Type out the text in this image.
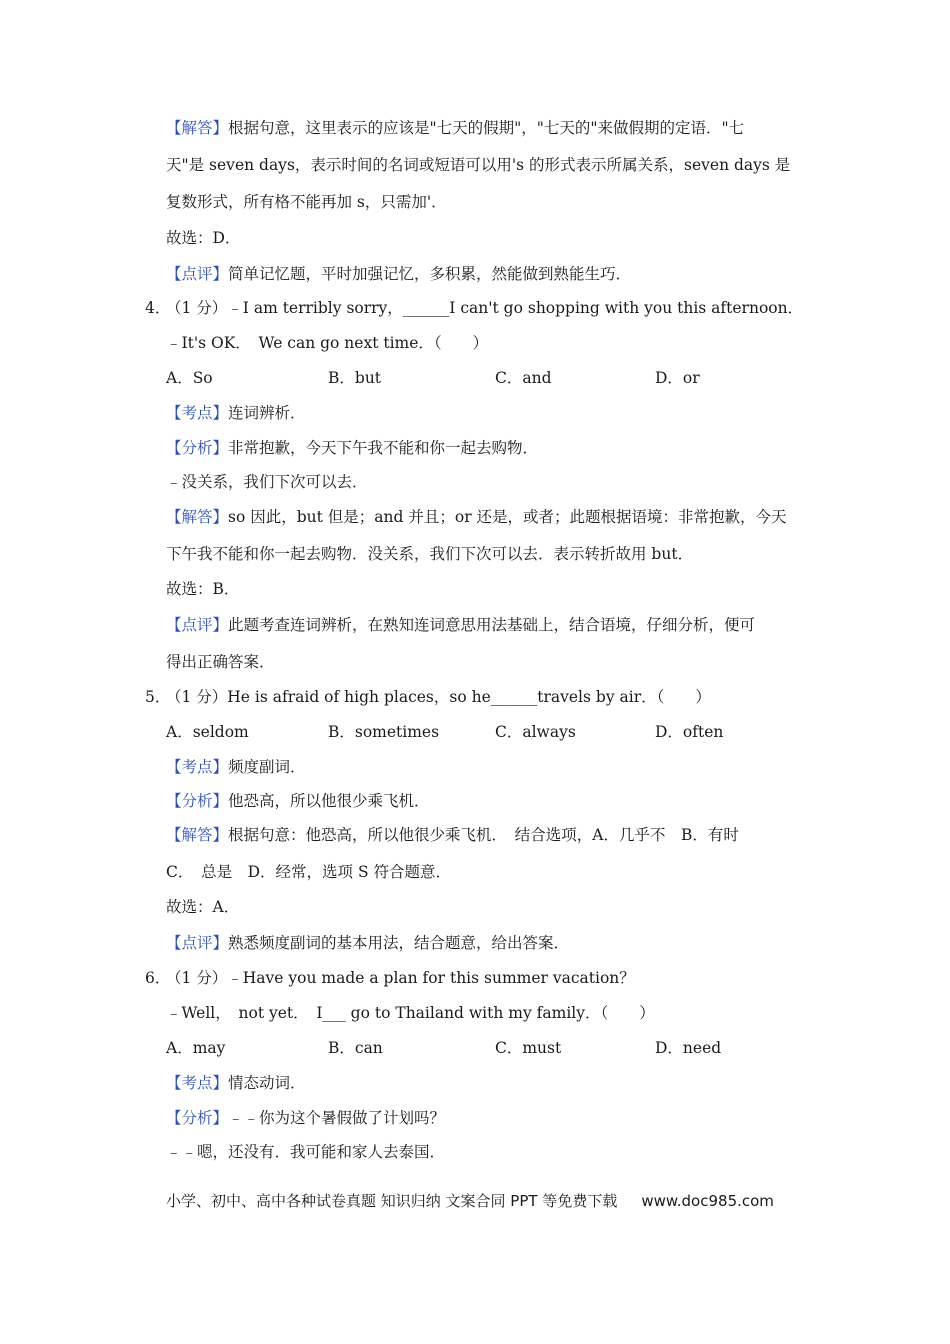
【解答】根据句意，这里表示的应该是"七天的假期"，"七天的"来做假期的定语．"七
天"是 seven days，表示时间的名词或短语可以用's 的形式表示所属关系，seven days 是
复数形式，所有格不能再加 s，只需加'．
故选：D．
【点评】简单记忆题，平时加强记忆，多积累，然能做到熟能生巧．
4．
（1 分）﹣I am terribly sorry，______I can't go shopping with you this afternoon．
﹣It's OK．　We can go next time．（　　）
A．So	B．but	C．and	D．or
【考点】连词辨析．
【分析】非常抱歉，今天下午我不能和你一起去购物．
﹣没关系，我们下次可以去．
【解答】so 因此，but 但是；and 并且；or 还是，或者；此题根据语境：非常抱歉，今天
下午我不能和你一起去购物．没关系，我们下次可以去．表示转折故用 but．
故选：B．
【点评】此题考查连词辨析，在熟知连词意思用法基础上，结合语境，仔细分析，便可
得出正确答案．
5．
（1 分）He is afraid of high places，so he______travels by air．（　　）
A．seldom	B．sometimes	C．always	D．often
【考点】频度副词．
【分析】他恐高，所以他很少乘飞机．
【解答】根据句意：他恐高，所以他很少乘飞机．　结合选项，A．几乎不　B．有时
C．　总是　D．经常，选项 S 符合题意．
故选：A．
【点评】熟悉频度副词的基本用法，结合题意，给出答案．
6．
（1 分）﹣Have you made a plan for this summer vacation？
﹣Well，　not yet．　I___ go to Thailand with my family．（　　）
A．may	B．can	C．must	D．need
【考点】情态动词．
【分析】﹣﹣你为这个暑假做了计划吗？
﹣﹣嗯，还没有．我可能和家人去泰国．
小学、初中、高中各种试卷真题 知识归纳 文案合同 PPT 等免费下载 www.doc985.com
